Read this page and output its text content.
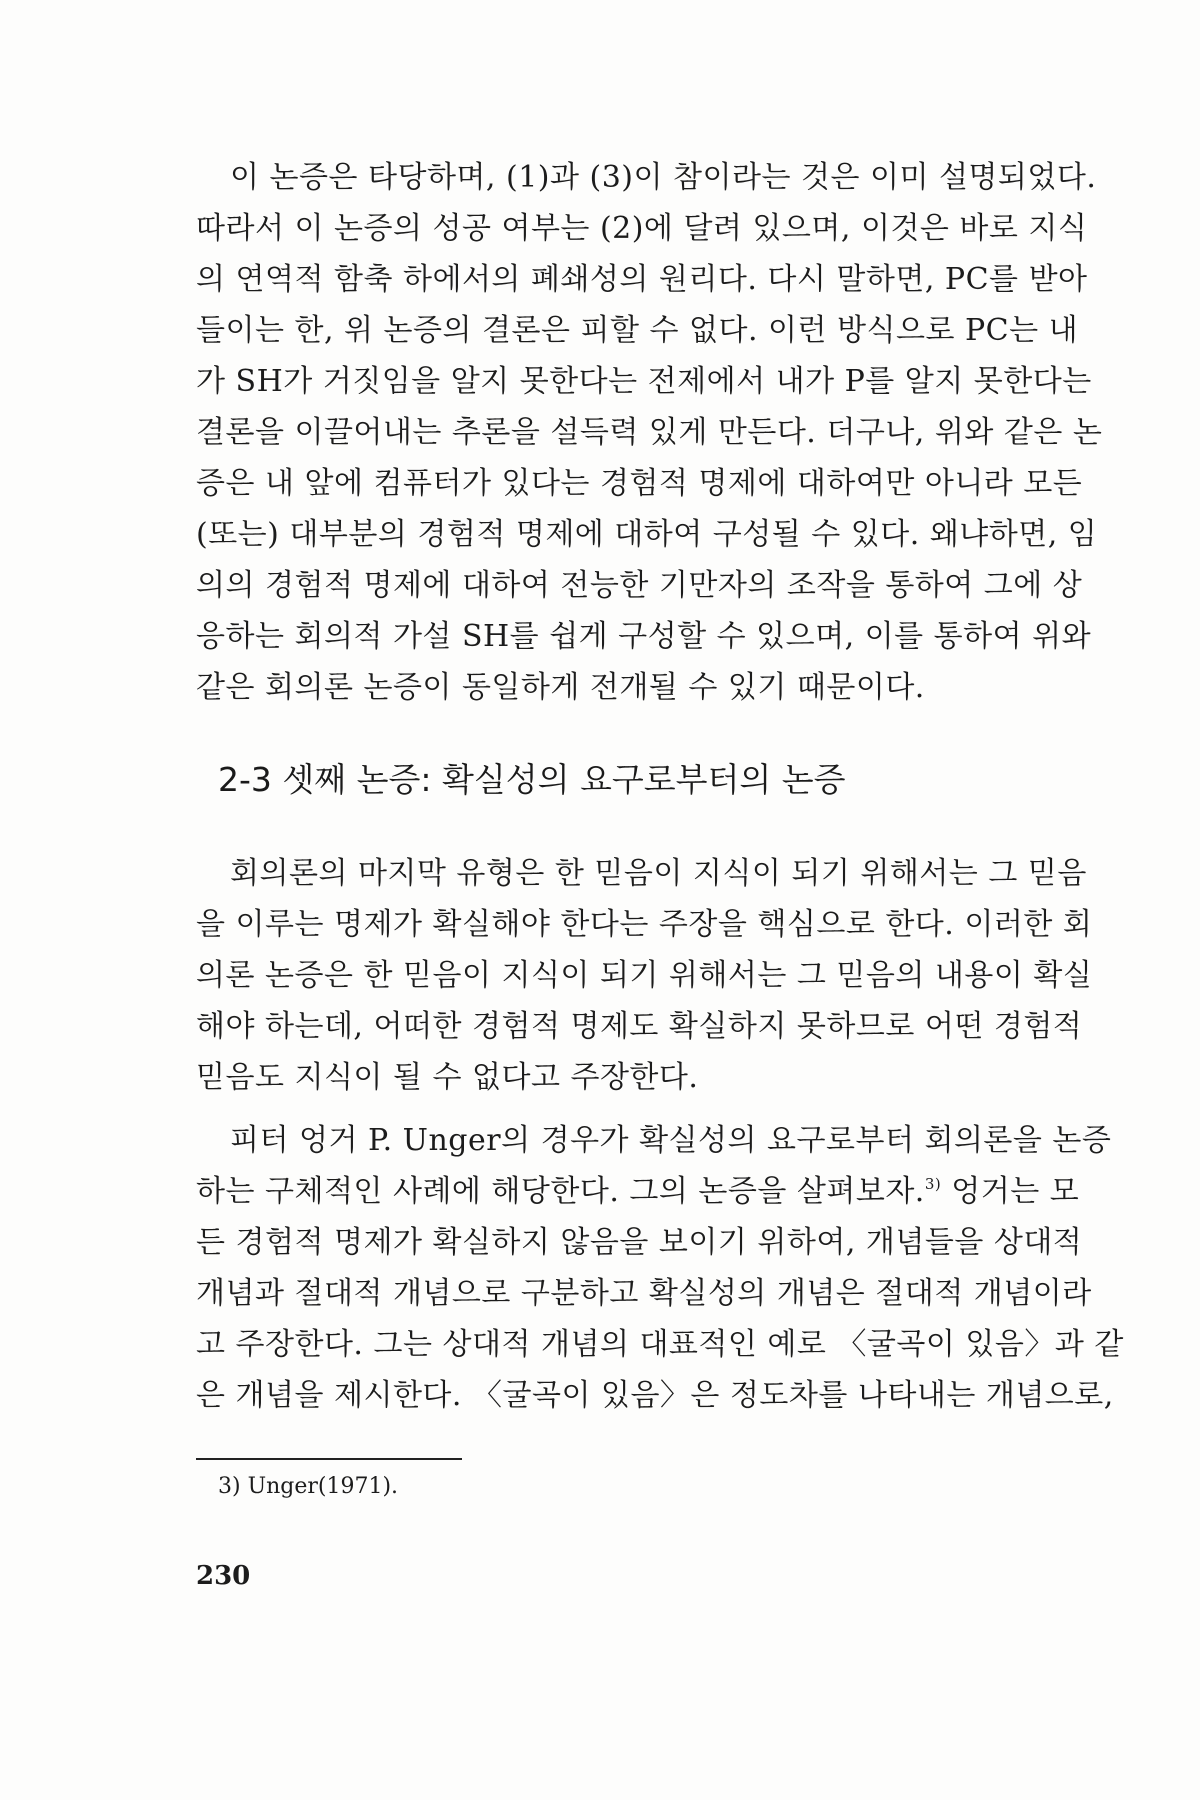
이 논증은 타당하며, (1)과 (3)이 참이라는 것은 이미 설명되었다.
따라서 이 논증의 성공 여부는 (2)에 달려 있으며, 이것은 바로 지식
의 연역적 함축 하에서의 폐쇄성의 원리다. 다시 말하면, PC를 받아
들이는 한, 위 논증의 결론은 피할 수 없다. 이런 방식으로 PC는 내
가 SH가 거짓임을 알지 못한다는 전제에서 내가 P를 알지 못한다는
결론을 이끌어내는 추론을 설득력 있게 만든다. 더구나, 위와 같은 논
증은 내 앞에 컴퓨터가 있다는 경험적 명제에 대하여만 아니라 모든
(또는) 대부분의 경험적 명제에 대하여 구성될 수 있다. 왜냐하면, 임
의의 경험적 명제에 대하여 전능한 기만자의 조작을 통하여 그에 상
응하는 회의적 가설 SH를 쉽게 구성할 수 있으며, 이를 통하여 위와
같은 회의론 논증이 동일하게 전개될 수 있기 때문이다.
2-3 셋째 논증: 확실성의 요구로부터의 논증
회의론의 마지막 유형은 한 믿음이 지식이 되기 위해서는 그 믿음
을 이루는 명제가 확실해야 한다는 주장을 핵심으로 한다. 이러한 회
의론 논증은 한 믿음이 지식이 되기 위해서는 그 믿음의 내용이 확실
해야 하는데, 어떠한 경험적 명제도 확실하지 못하므로 어떤 경험적
믿음도 지식이 될 수 없다고 주장한다.
피터 엉거 P. Unger의 경우가 확실성의 요구로부터 회의론을 논증
하는 구체적인 사례에 해당한다. 그의 논증을 살펴보자.$^{3)}$ 엉거는 모
든 경험적 명제가 확실하지 않음을 보이기 위하여, 개념들을 상대적
개념과 절대적 개념으로 구분하고 확실성의 개념은 절대적 개념이라
고 주장한다. 그는 상대적 개념의 대표적인 예로 〈굴곡이 있음〉과 같
은 개념을 제시한다. 〈굴곡이 있음〉은 정도차를 나타내는 개념으로,
3) Unger(1971).
230
